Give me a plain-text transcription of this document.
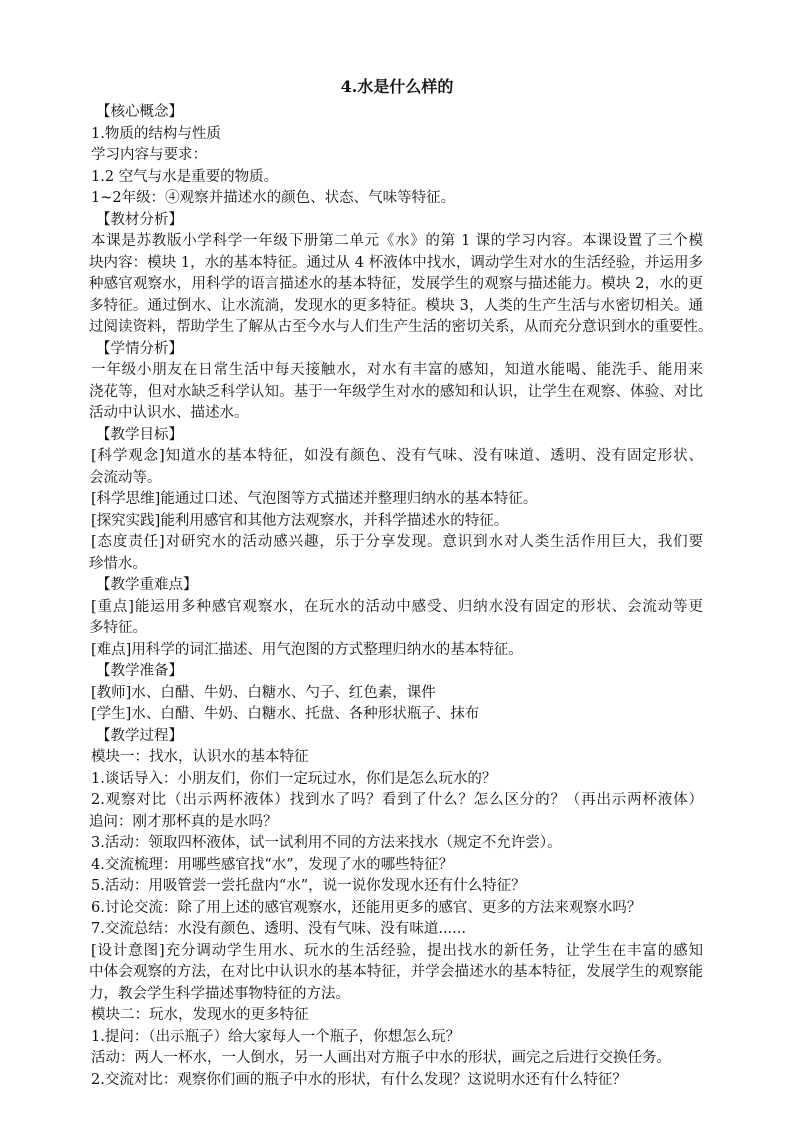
4.水是什么样的
【核心概念】
1.物质的结构与性质
学习内容与要求：
1.2 空气与水是重要的物质。
1~2年级：④观察并描述水的颜色、状态、气味等特征。
【教材分析】
本课是苏教版小学科学一年级下册第二单元《水》的第 1 课的学习内容。本课设置了三个模
块内容：模块 1，水的基本特征。通过从 4 杯液体中找水，调动学生对水的生活经验，并运用多
种感官观察水，用科学的语言描述水的基本特征，发展学生的观察与描述能力。模块 2，水的更
多特征。通过倒水、让水流淌，发现水的更多特征。模块 3，人类的生产生活与水密切相关。通
过阅读资料，帮助学生了解从古至今水与人们生产生活的密切关系，从而充分意识到水的重要性。
【学情分析】
一年级小朋友在日常生活中每天接触水，对水有丰富的感知，知道水能喝、能洗手、能用来
浇花等，但对水缺乏科学认知。基于一年级学生对水的感知和认识，让学生在观察、体验、对比
活动中认识水、描述水。
【教学目标】
[科学观念]知道水的基本特征，如没有颜色、没有气味、没有味道、透明、没有固定形状、
会流动等。
[科学思维]能通过口述、气泡图等方式描述并整理归纳水的基本特征。
[探究实践]能利用感官和其他方法观察水，并科学描述水的特征。
[态度责任]对研究水的活动感兴趣，乐于分享发现。意识到水对人类生活作用巨大，我们要
珍惜水。
【教学重难点】
[重点]能运用多种感官观察水，在玩水的活动中感受、归纳水没有固定的形状、会流动等更
多特征。
[难点]用科学的词汇描述、用气泡图的方式整理归纳水的基本特征。
【教学准备】
[教师]水、白醋、牛奶、白糖水、勺子、红色素，课件
[学生]水、白醋、牛奶、白糖水、托盘、各种形状瓶子、抹布
【教学过程】
模块一：找水，认识水的基本特征
1.谈话导入：小朋友们，你们一定玩过水，你们是怎么玩水的？
2.观察对比（出示两杯液体）找到水了吗？看到了什么？怎么区分的？（再出示两杯液体）
追问：刚才那杯真的是水吗？
3.活动：领取四杯液体，试一试利用不同的方法来找水（规定不允许尝）。
4.交流梳理：用哪些感官找“水”，发现了水的哪些特征？
5.活动：用吸管尝一尝托盘内“水”，说一说你发现水还有什么特征？
6.讨论交流：除了用上述的感官观察水，还能用更多的感官、更多的方法来观察水吗？
7.交流总结：水没有颜色、透明、没有气味、没有味道......
[设计意图]充分调动学生用水、玩水的生活经验，提出找水的新任务，让学生在丰富的感知
中体会观察的方法，在对比中认识水的基本特征，并学会描述水的基本特征，发展学生的观察能
力，教会学生科学描述事物特征的方法。
模块二：玩水，发现水的更多特征
1.提问：（出示瓶子）给大家每人一个瓶子，你想怎么玩？
活动：两人一杯水，一人倒水，另一人画出对方瓶子中水的形状，画完之后进行交换任务。
2.交流对比：观察你们画的瓶子中水的形状，有什么发现？这说明水还有什么特征？
